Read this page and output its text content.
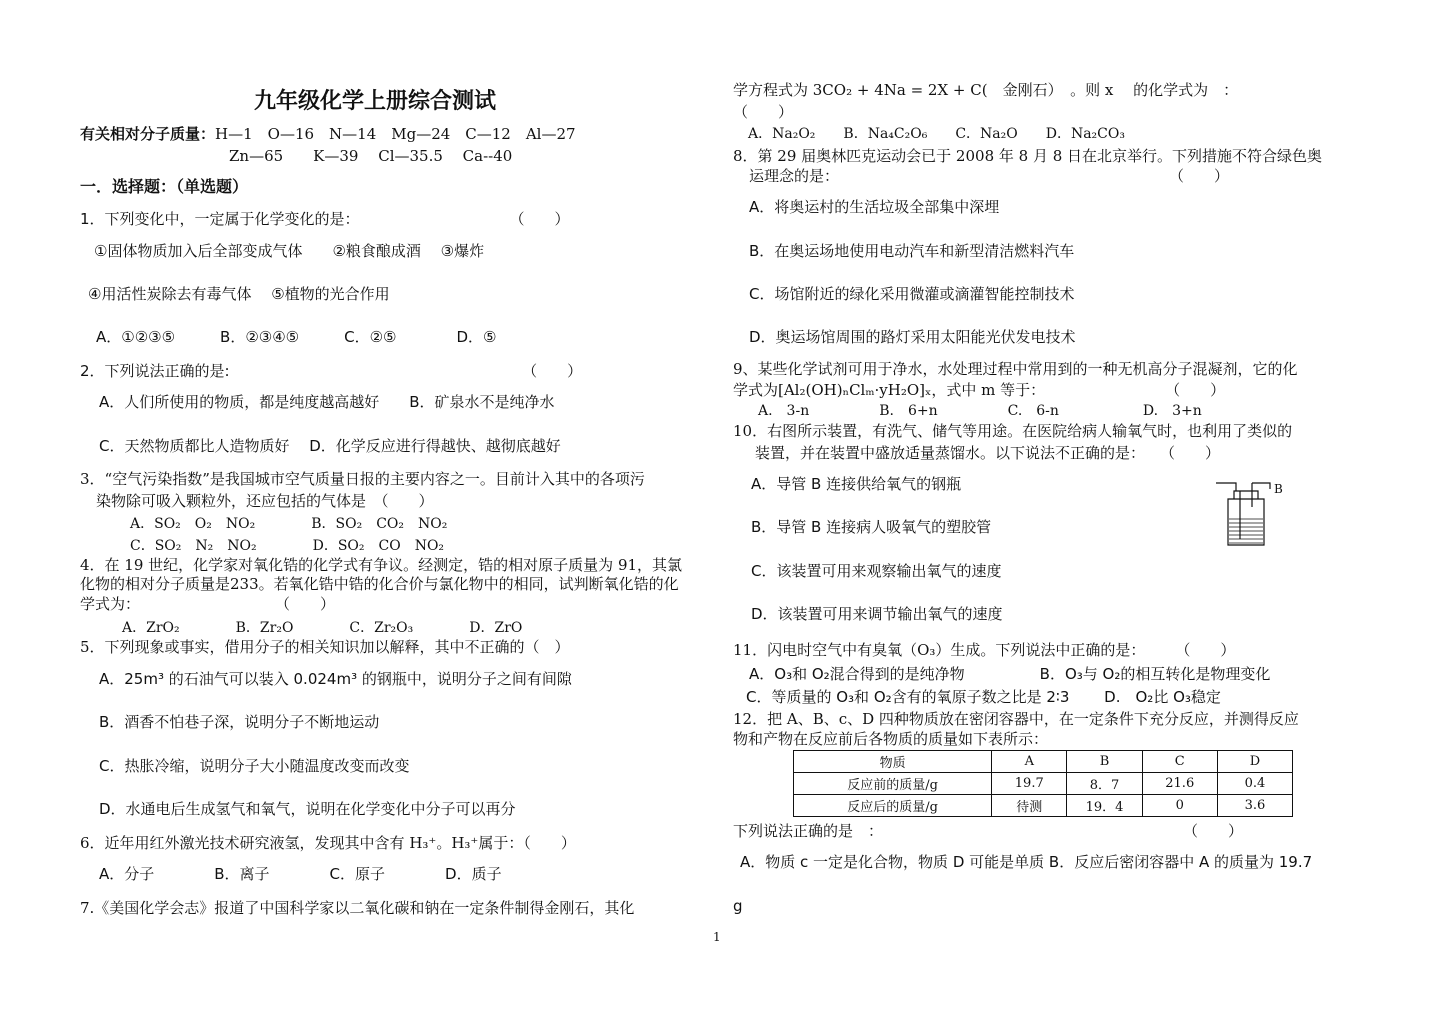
九年级化学上册综合测试
有关相对分子质量：H—1　O—16　N—14　Mg—24　C—12　Al—27
Zn—65　　K—39　 Cl—35.5　 Ca--40
一．选择题：（单选题）
1．下列变化中，一定属于化学变化的是：　　　　　　　　　　　（　　）
①固体物质加入后全部变成气体　　②粮食酿成酒　 ③爆炸
④用活性炭除去有毒气体　 ⑤植物的光合作用
A．①②③⑤　　　B．②③④⑤　　　C．②⑤　　　　D．⑤
2．下列说法正确的是:　　　　　　　　　　　　　　　　　　　　（　　）
A．人们所使用的物质，都是纯度越高越好　　B．矿泉水不是纯净水
C．天然物质都比人造物质好　 D．化学反应进行得越快、越彻底越好
3．“空气污染指数”是我国城市空气质量日报的主要内容之一。目前计入其中的各项污
染物除可吸入颗粒外，还应包括的气体是　（　　）
A．SO₂　O₂　NO₂　　　　B．SO₂　CO₂　NO₂
C．SO₂　N₂　NO₂　　　　D．SO₂　CO　NO₂
4．在 19 世纪，化学家对氧化锆的化学式有争议。经测定，锆的相对原子质量为 91，其氯
化物的相对分子质量是233。若氧化锆中锆的化合价与氯化物中的相同，试判断氧化锆的化
学式为：　　　　　　　　　　（　　）
A．ZrO₂　　　　B．Zr₂O　　　　C．Zr₂O₃　　　　D．ZrO
5．下列现象或事实，借用分子的相关知识加以解释，其中不正确的（　）
A．25m³ 的石油气可以装入 0.024m³ 的钢瓶中，说明分子之间有间隙
B．酒香不怕巷子深，说明分子不断地运动
C．热胀冷缩，说明分子大小随温度改变而改变
D．水通电后生成氢气和氧气，说明在化学变化中分子可以再分
6．近年用红外激光技术研究液氢，发现其中含有 H₃⁺。H₃⁺属于：（　　）
A．分子　　　　B．离子　　　　C．原子　　　　D．质子
7.《美国化学会志》报道了中国科学家以二氧化碳和钠在一定条件制得金刚石，其化
学方程式为 3CO₂ + 4Na = 2X + C(　金刚石）　。则 x　 的化学式为　：
（　　）
A．Na₂O₂　　B．Na₄C₂O₆　　C．Na₂O　　D．Na₂CO₃
8．第 29 届奥林匹克运动会已于 2008 年 8 月 8 日在北京举行。下列措施不符合绿色奥
运理念的是：　　　　　　　　　　　　　　　　　　　　　　　（　　）
A．将奥运村的生活垃圾全部集中深埋
B．在奥运场地使用电动汽车和新型清洁燃料汽车
C．场馆附近的绿化采用微灌或滴灌智能控制技术
D．奥运场馆周围的路灯采用太阳能光伏发电技术
9、某些化学试剂可用于净水，水处理过程中常用到的一种无机高分子混凝剂，它的化
学式为[Al₂(OH)ₙClₘ·yH₂O]ₓ，式中 m 等于：　　　　　　　　　（　　）
A.　3-n　　　　　B.　6+n　　　　　C.　6-n　　　　　　D.　3+n
10．右图所示装置，有洗气、储气等用途。在医院给病人输氧气时，也利用了类似的
装置，并在装置中盛放适量蒸馏水。以下说法不正确的是：　　（　　）
A．导管 B 连接供给氧气的钢瓶
B．导管 B 连接病人吸氧气的塑胶管
C．该装置可用来观察输出氧气的速度
D．该装置可用来调节输出氧气的速度
B
11．闪电时空气中有臭氧（O₃）生成。下列说法中正确的是：　　　（　　）
A．O₃和 O₂混合得到的是纯净物　　　　　B．O₃与 O₂的相互转化是物理变化
C．等质量的 O₃和 O₂含有的氧原子数之比是 2∶3　　 D.　O₂比 O₃稳定
12．把 A、B、c、D 四种物质放在密闭容器中，在一定条件下充分反应，并测得反应
物和产物在反应前后各物质的质量如下表所示：
物质	A	B	C	D
反应前的质量/g	19.7	8．7	21.6	0.4
反应后的质量/g	待测	19．4	0	3.6
下列说法正确的是　：　　　　　　　　　　　　　　　　　　　　　（　　）
A．物质 c 一定是化合物，物质 D 可能是单质 B．反应后密闭容器中 A 的质量为 19.7
g
1
